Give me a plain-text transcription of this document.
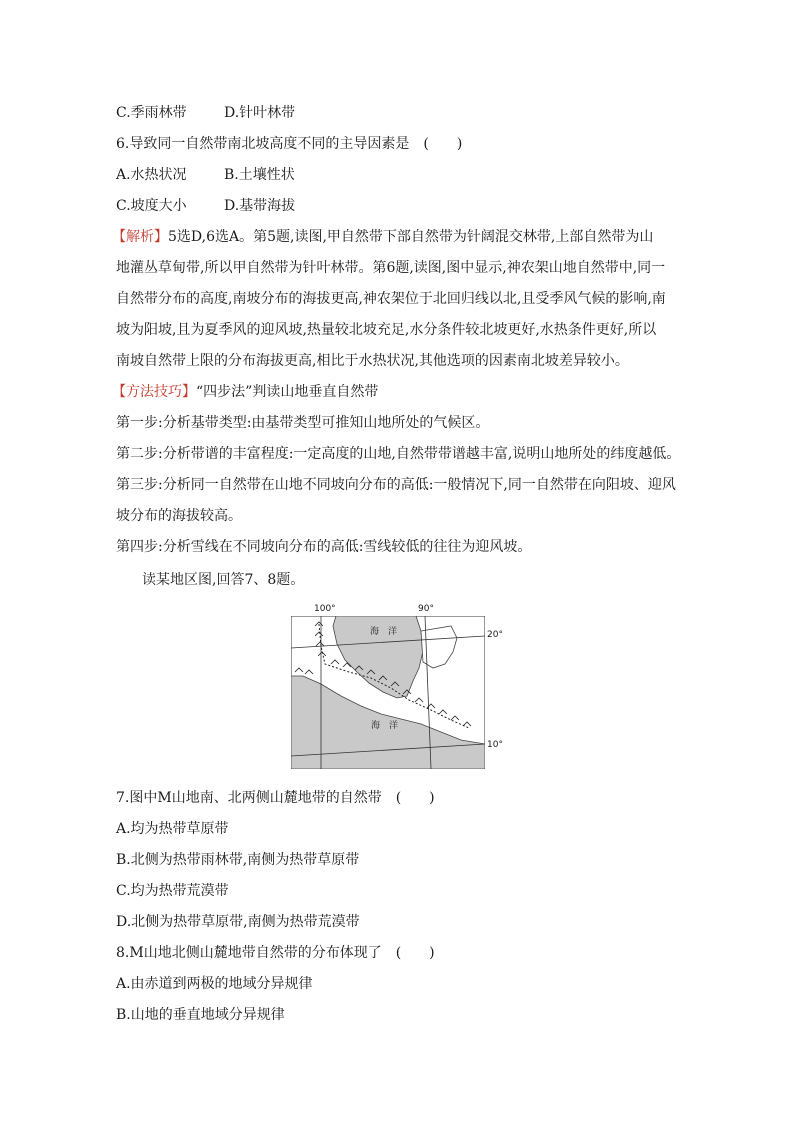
C.季雨林带	D.针叶林带
6.导致同一自然带南北坡高度不同的主导因素是　(　　)
A.水热状况	B.土壤性状
C.坡度大小	D.基带海拔
【解析】5选D,6选A。第5题,读图,甲自然带下部自然带为针阔混交林带,上部自然带为山
地灌丛草甸带,所以甲自然带为针叶林带。第6题,读图,图中显示,神农架山地自然带中,同一
自然带分布的高度,南坡分布的海拔更高,神农架位于北回归线以北,且受季风气候的影响,南
坡为阳坡,且为夏季风的迎风坡,热量较北坡充足,水分条件较北坡更好,水热条件更好,所以
南坡自然带上限的分布海拔更高,相比于水热状况,其他选项的因素南北坡差异较小。
【方法技巧】“四步法”判读山地垂直自然带
第一步:分析基带类型:由基带类型可推知山地所处的气候区。
第二步:分析带谱的丰富程度:一定高度的山地,自然带带谱越丰富,说明山地所处的纬度越低。
第三步:分析同一自然带在山地不同坡向分布的高低:一般情况下,同一自然带在向阳坡、迎风
坡分布的海拔较高。
第四步:分析雪线在不同坡向分布的高低:雪线较低的往往为迎风坡。
读某地区图,回答7、8题。
海　洋
海　洋
100°	90°
20°
10°
7.图中M山地南、北两侧山麓地带的自然带　(　　)
A.均为热带草原带
B.北侧为热带雨林带,南侧为热带草原带
C.均为热带荒漠带
D.北侧为热带草原带,南侧为热带荒漠带
8.M山地北侧山麓地带自然带的分布体现了　(　　)
A.由赤道到两极的地域分异规律
B.山地的垂直地域分异规律
